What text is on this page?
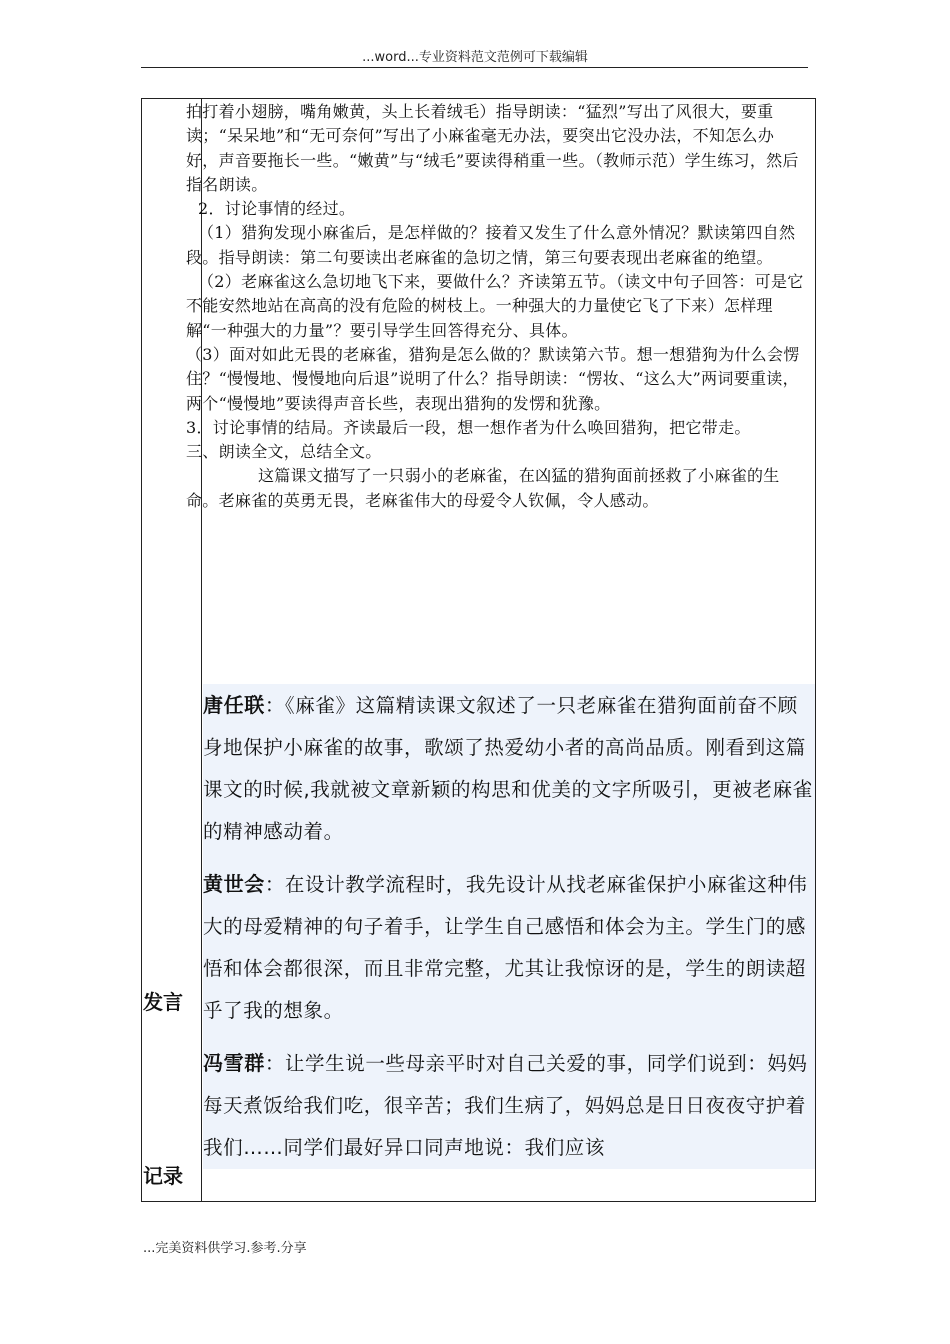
...word...专业资料范文范例可下载编辑

拍打着小翅膀，嘴角嫩黄，头上长着绒毛）指导朗读：“猛烈”写出了风很大，要重读；“呆呆地”和“无可奈何”写出了小麻雀毫无办法，要突出它没办法，不知怎么办好，声音要拖长一些。“嫩黄”与“绒毛”要读得稍重一些。（教师示范）学生练习，然后指名朗读。

2．讨论事情的经过。

（1）猎狗发现小麻雀后，是怎样做的？接着又发生了什么意外情况？默读第四自然段。指导朗读：第二句要读出老麻雀的急切之情，第三句要表现出老麻雀的绝望。

（2）老麻雀这么急切地飞下来，要做什么？齐读第五节。（读文中句子回答：可是它不能安然地站在高高的没有危险的树枝上。一种强大的力量使它飞了下来）怎样理解“一种强大的力量”？要引导学生回答得充分、具体。

（3）面对如此无畏的老麻雀，猎狗是怎么做的？默读第六节。想一想猎狗为什么会愣住？“慢慢地、慢慢地向后退”说明了什么？指导朗读：“愣妆、“这么大”两词要重读，两个“慢慢地”要读得声音长些，表现出猎狗的发愣和犹豫。

3．讨论事情的结局。齐读最后一段，想一想作者为什么唤回猎狗，把它带走。

三、朗读全文，总结全文。

这篇课文描写了一只弱小的老麻雀，在凶猛的猎狗面前拯救了小麻雀的生命。老麻雀的英勇无畏，老麻雀伟大的母爱令人钦佩，令人感动。

唐任联：《麻雀》这篇精读课文叙述了一只老麻雀在猎狗面前奋不顾身地保护小麻雀的故事，歌颂了热爱幼小者的高尚品质。刚看到这篇课文的时候,我就被文章新颖的构思和优美的文字所吸引，更被老麻雀的精神感动着。

黄世会：在设计教学流程时，我先设计从找老麻雀保护小麻雀这种伟大的母爱精神的句子着手，让学生自己感悟和体会为主。学生门的感悟和体会都很深，而且非常完整，尤其让我惊讶的是，学生的朗读超乎了我的想象。

冯雪群：让学生说一些母亲平时对自己关爱的事，同学们说到：妈妈每天煮饭给我们吃，很辛苦；我们生病了，妈妈总是日日夜夜守护着我们……同学们最好异口同声地说：我们应该

发言
记录
...完美资料供学习.参考.分享
